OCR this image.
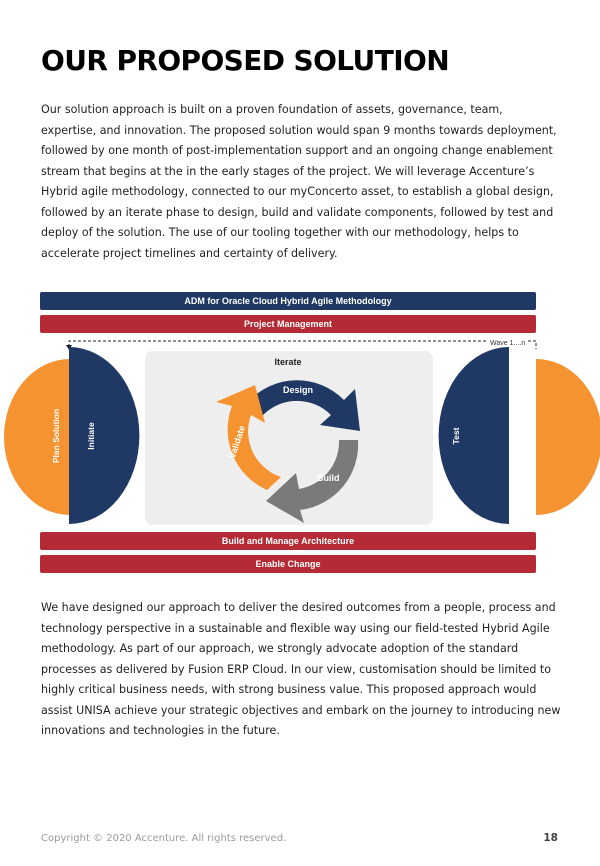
OUR PROPOSED SOLUTION

Our solution approach is built on a proven foundation of assets, governance, team, expertise, and innovation. The proposed solution would span 9 months towards deployment, followed by one month of post-implementation support and an ongoing change enablement stream that begins at the in the early stages of the project. We will leverage Accenture’s Hybrid agile methodology, connected to our myConcerto asset, to establish a global design, followed by an iterate phase to design, build and validate components, followed by test and deploy of the solution. The use of our tooling together with our methodology, helps to accelerate project timelines and certainty of delivery.

ADM for Oracle Cloud Hybrid Agile Methodology
Project Management
Wave 1....n
Iterate
Design
Build
Validate
Plan Solution	Initiate	Test	Deploy
Build and Manage Architecture
Enable Change

We have designed our approach to deliver the desired outcomes from a people, process and technology perspective in a sustainable and flexible way using our field-tested Hybrid Agile methodology. As part of our approach, we strongly advocate adoption of the standard processes as delivered by Fusion ERP Cloud. In our view, customisation should be limited to highly critical business needs, with strong business value. This proposed approach would assist UNISA achieve your strategic objectives and embark on the journey to introducing new innovations and technologies in the future.

Copyright © 2020 Accenture. All rights reserved.	18
